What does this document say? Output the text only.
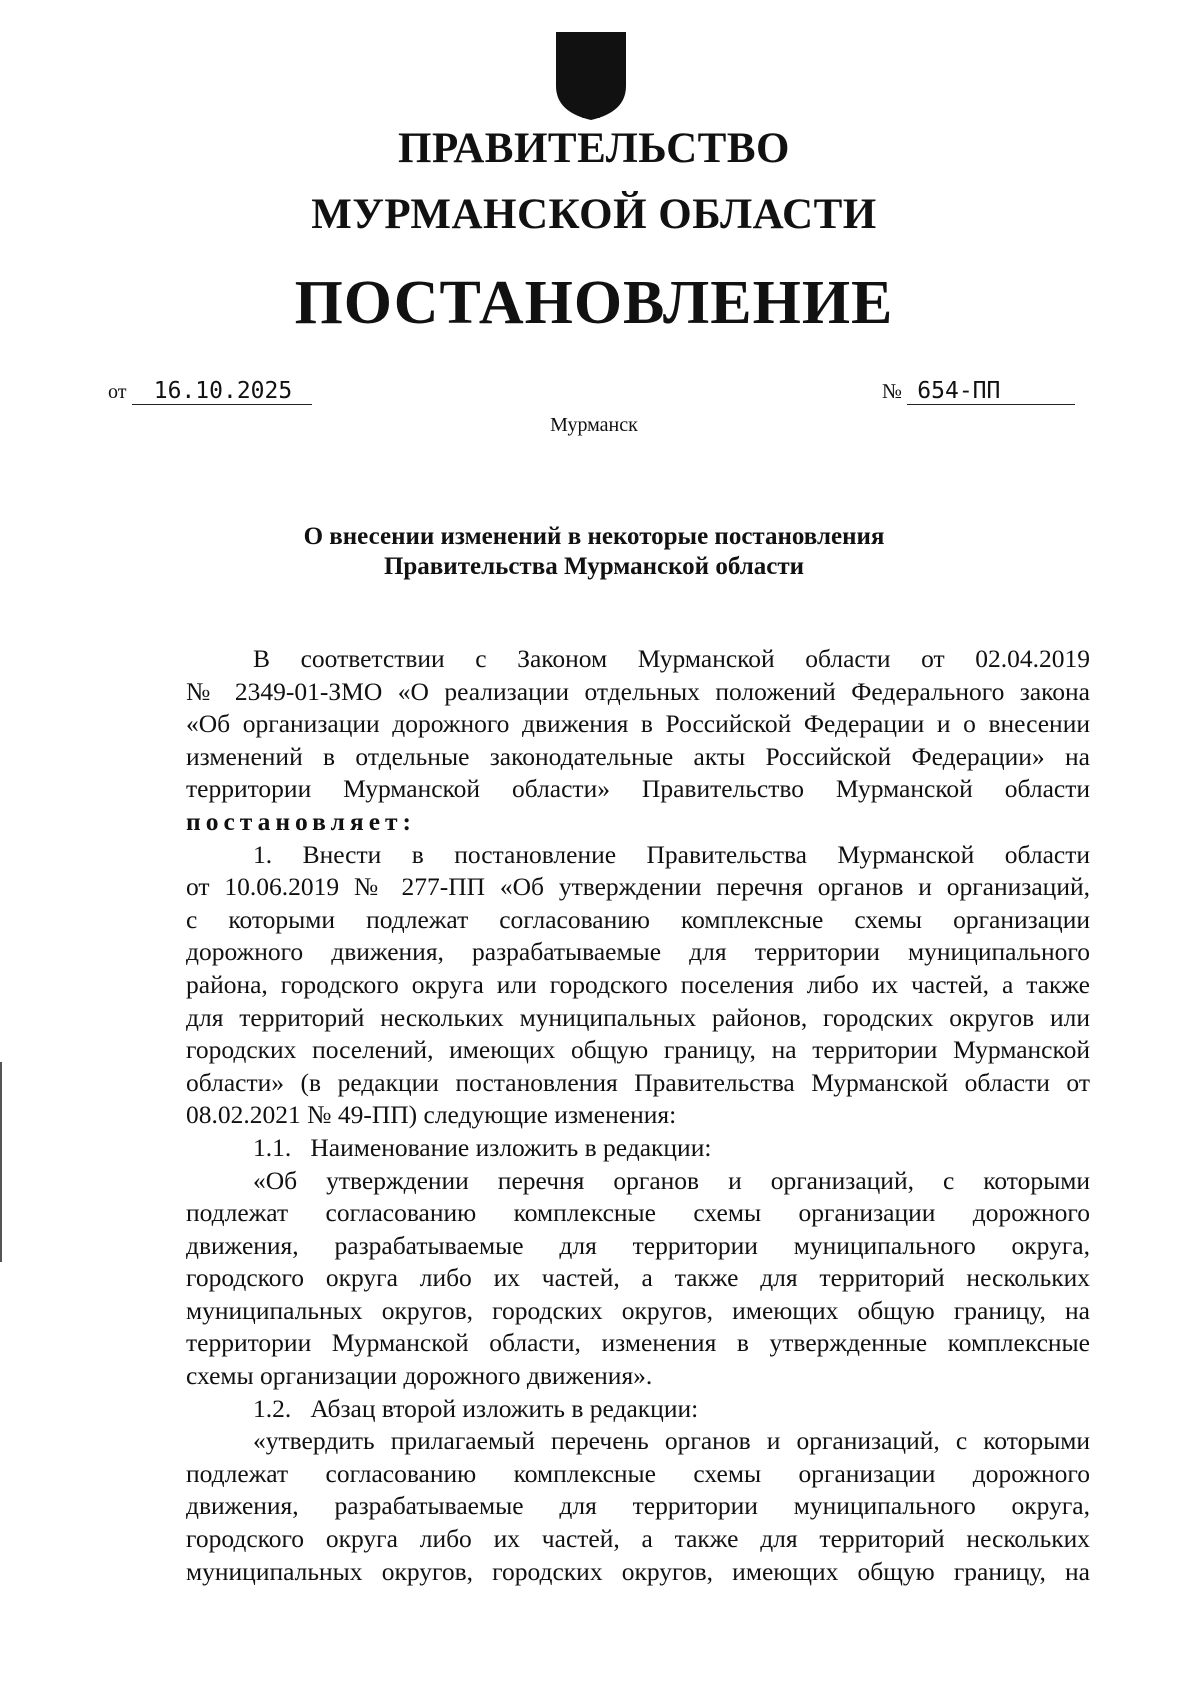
ПРАВИТЕЛЬСТВО
МУРМАНСКОЙ ОБЛАСТИ
ПОСТАНОВЛЕНИЕ
от 16.10.2025	№ 654-ПП
Мурманск
О внесении изменений в некоторые постановления
Правительства Мурманской области
В соответствии с Законом Мурманской области от 02.04.2019
№ 2349-01-ЗМО «О реализации отдельных положений Федерального закона
«Об организации дорожного движения в Российской Федерации и о внесении
изменений в отдельные законодательные акты Российской Федерации» на
территории Мурманской области» Правительство Мурманской области
постановляет:
1. Внести в постановление Правительства Мурманской области
от 10.06.2019 № 277-ПП «Об утверждении перечня органов и организаций,
с которыми подлежат согласованию комплексные схемы организации
дорожного движения, разрабатываемые для территории муниципального
района, городского округа или городского поселения либо их частей, а также
для территорий нескольких муниципальных районов, городских округов или
городских поселений, имеющих общую границу, на территории Мурманской
области» (в редакции постановления Правительства Мурманской области от
08.02.2021 № 49-ПП) следующие изменения:
1.1.   Наименование изложить в редакции:
«Об утверждении перечня органов и организаций, с которыми
подлежат согласованию комплексные схемы организации дорожного
движения, разрабатываемые для территории муниципального округа,
городского округа либо их частей, а также для территорий нескольких
муниципальных округов, городских округов, имеющих общую границу, на
территории Мурманской области, изменения в утвержденные комплексные
схемы организации дорожного движения».
1.2.   Абзац второй изложить в редакции:
«утвердить прилагаемый перечень органов и организаций, с которыми
подлежат согласованию комплексные схемы организации дорожного
движения, разрабатываемые для территории муниципального округа,
городского округа либо их частей, а также для территорий нескольких
муниципальных округов, городских округов, имеющих общую границу, на
